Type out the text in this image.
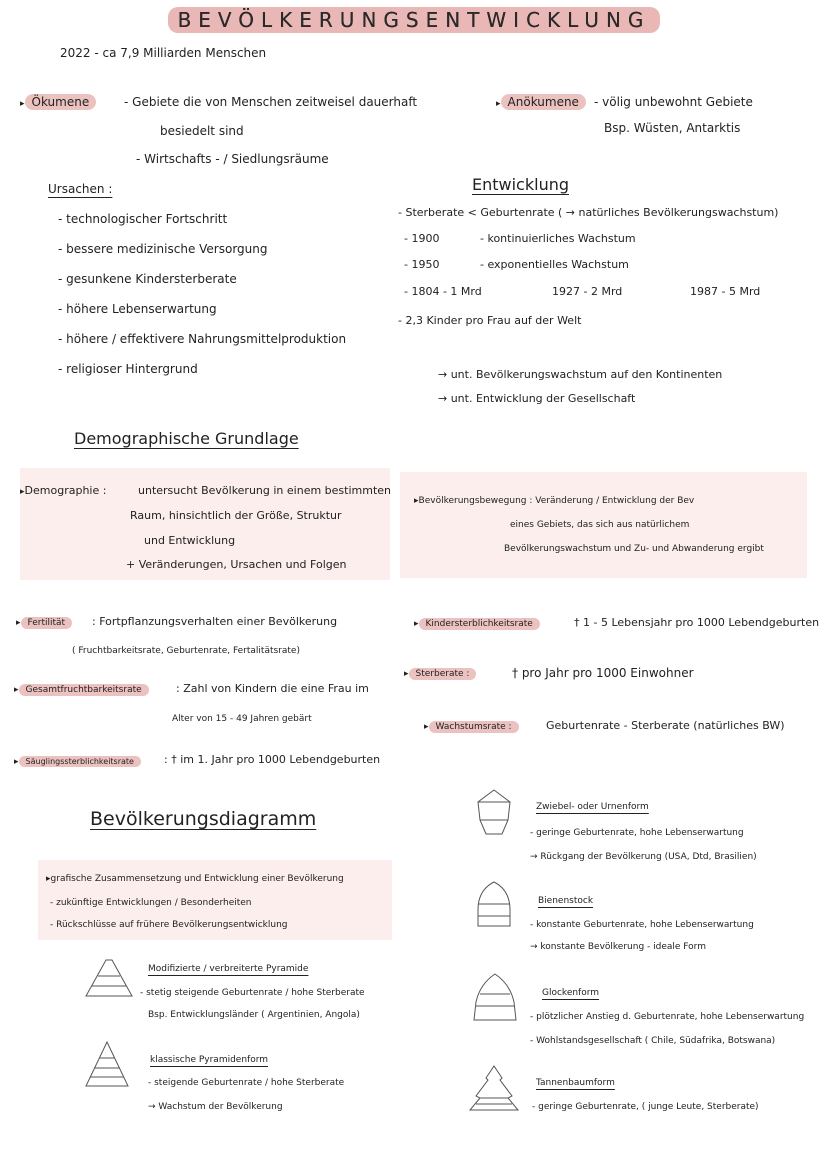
BEVÖLKERUNGSENTWICKLUNG
2022 - ca 7,9 Milliarden Menschen
▸ Ökumene	- Gebiete die von Menschen zeitweisel dauerhaft
besiedelt sind
- Wirtschafts - / Siedlungsräume
▸ Anökumene	- völig unbewohnt Gebiete
Bsp. Wüsten, Antarktis
Ursachen :
- technologischer Fortschritt
- bessere medizinische Versorgung
- gesunkene Kindersterberate
- höhere Lebenserwartung
- höhere / effektivere Nahrungsmittelproduktion
- religioser Hintergrund
Entwicklung
- Sterberate < Geburtenrate ( → natürliches Bevölkerungswachstum)
- 1900	- kontinuierliches Wachstum
- 1950	- exponentielles Wachstum
- 1804 - 1 Mrd	1927 - 2 Mrd	1987 - 5 Mrd
- 2,3 Kinder pro Frau auf der Welt
→ unt. Bevölkerungswachstum auf den Kontinenten
→ unt. Entwicklung der Gesellschaft
Demographische Grundlage
▸ Demographie :	untersucht Bevölkerung in einem bestimmten
Raum, hinsichtlich der Größe, Struktur
und Entwicklung
+ Veränderungen, Ursachen und Folgen
▸ Bevölkerungsbewegung : Veränderung / Entwicklung der Bev
eines Gebiets, das sich aus natürlichem
Bevölkerungswachstum und Zu- und Abwanderung ergibt
▸ Fertilität	: Fortpflanzungsverhalten einer Bevölkerung
( Fruchtbarkeitsrate, Geburtenrate, Fertalitätsrate)
▸ Gesamtfruchtbarkeitsrate	: Zahl von Kindern die eine Frau im
Alter von 15 - 49 Jahren gebärt
▸ Säuglingssterblichkeitsrate	: † im 1. Jahr pro 1000 Lebendgeburten
▸ Kindersterblichkeitsrate	† 1 - 5 Lebensjahr pro 1000 Lebendgeburten
▸ Sterberate :	† pro Jahr pro 1000 Einwohner
▸ Wachstumsrate :	Geburtenrate - Sterberate (natürliches BW)
Bevölkerungsdiagramm
▸ grafische Zusammensetzung und Entwicklung einer Bevölkerung
- zukünftige Entwicklungen / Besonderheiten
- Rückschlüsse auf frühere Bevölkerungsentwicklung
Modifizierte / verbreiterte Pyramide
- stetig steigende Geburtenrate / hohe Sterberate
Bsp. Entwicklungsländer ( Argentinien, Angola)
klassische Pyramidenform
- steigende Geburtenrate / hohe Sterberate
→ Wachstum der Bevölkerung
Zwiebel- oder Urnenform
- geringe Geburtenrate, hohe Lebenserwartung
→ Rückgang der Bevölkerung (USA, Dtd, Brasilien)
Bienenstock
- konstante Geburtenrate, hohe Lebenserwartung
→ konstante Bevölkerung - ideale Form
Glockenform
- plötzlicher Anstieg d. Geburtenrate, hohe Lebenserwartung
- Wohlstandsgesellschaft ( Chile, Südafrika, Botswana)
Tannenbaumform
- geringe Geburtenrate, ( junge Leute, Sterberate)
